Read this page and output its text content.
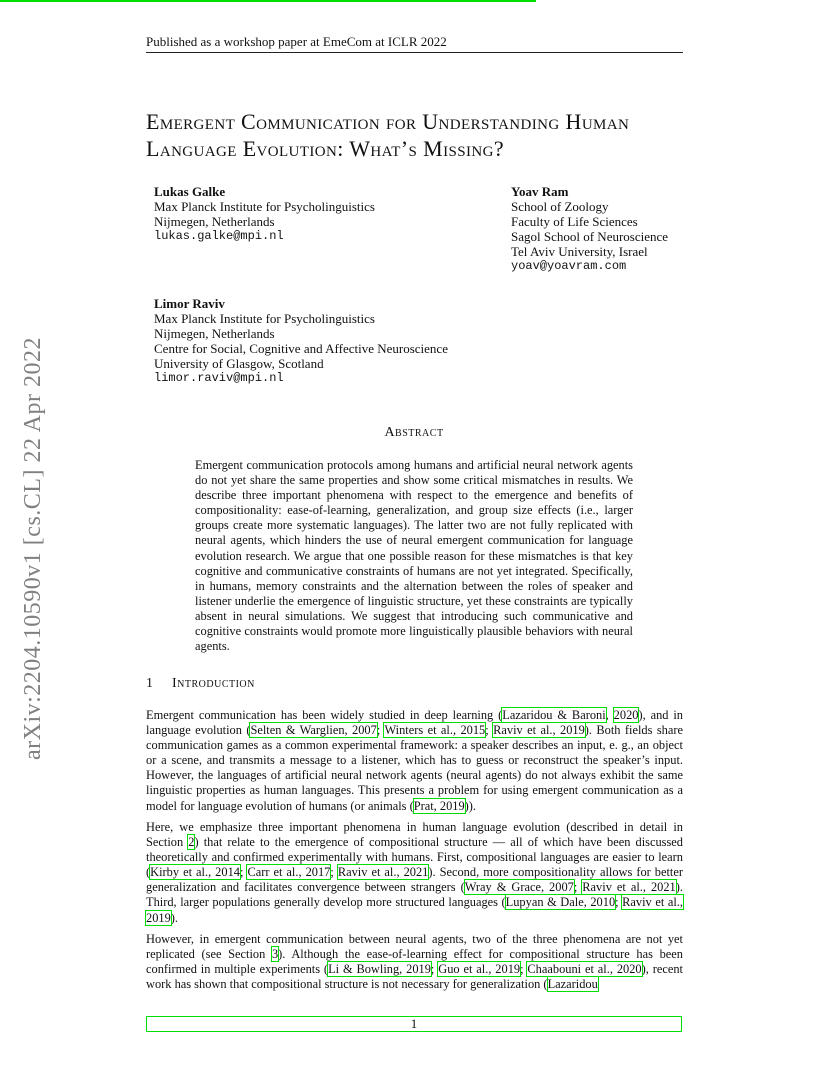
Published as a workshop paper at EmeCom at ICLR 2022
Emergent Communication for Understanding Human Language Evolution: What’s Missing?
Lukas Galke
Max Planck Institute for Psycholinguistics
Nijmegen, Netherlands
lukas.galke@mpi.nl
Yoav Ram
School of Zoology
Faculty of Life Sciences
Sagol School of Neuroscience
Tel Aviv University, Israel
yoav@yoavram.com
Limor Raviv
Max Planck Institute for Psycholinguistics
Nijmegen, Netherlands
Centre for Social, Cognitive and Affective Neuroscience
University of Glasgow, Scotland
limor.raviv@mpi.nl
arXiv:2204.10590v1 [cs.CL] 22 Apr 2022	Abstract
Emergent communication protocols among humans and artificial neural network agents do not yet share the same properties and show some critical mismatches in results. We describe three important phenomena with respect to the emergence and benefits of compositionality: ease-of-learning, generalization, and group size effects (i.e., larger groups create more systematic languages). The latter two are not fully replicated with neural agents, which hinders the use of neural emergent communication for language evolution research. We argue that one possible reason for these mismatches is that key cognitive and communicative constraints of humans are not yet integrated. Specifically, in humans, memory constraints and the alternation between the roles of speaker and listener underlie the emergence of linguistic structure, yet these constraints are typically absent in neural simulations. We suggest that introducing such communicative and cognitive constraints would promote more linguistically plausible behaviors with neural agents.
1 Introduction
Emergent communication has been widely studied in deep learning (Lazaridou & Baroni, 2020), and in language evolution (Selten & Warglien, 2007; Winters et al., 2015; Raviv et al., 2019). Both fields share communication games as a common experimental framework: a speaker describes an input, e. g., an object or a scene, and transmits a message to a listener, which has to guess or reconstruct the speaker’s input. However, the languages of artificial neural network agents (neural agents) do not always exhibit the same linguistic properties as human languages. This presents a problem for using emergent communication as a model for language evolution of humans (or animals (Prat, 2019)).
Here, we emphasize three important phenomena in human language evolution (described in detail in Section 2) that relate to the emergence of compositional structure — all of which have been discussed theoretically and confirmed experimentally with humans. First, compositional languages are easier to learn (Kirby et al., 2014; Carr et al., 2017; Raviv et al., 2021). Second, more compositionality allows for better generalization and facilitates convergence between strangers (Wray & Grace, 2007; Raviv et al., 2021). Third, larger populations generally develop more structured languages (Lupyan & Dale, 2010; Raviv et al., 2019).
However, in emergent communication between neural agents, two of the three phenomena are not yet replicated (see Section 3). Although the ease-of-learning effect for compositional structure has been confirmed in multiple experiments (Li & Bowling, 2019; Guo et al., 2019; Chaabouni et al., 2020), recent work has shown that compositional structure is not necessary for generalization (Lazaridou
1
